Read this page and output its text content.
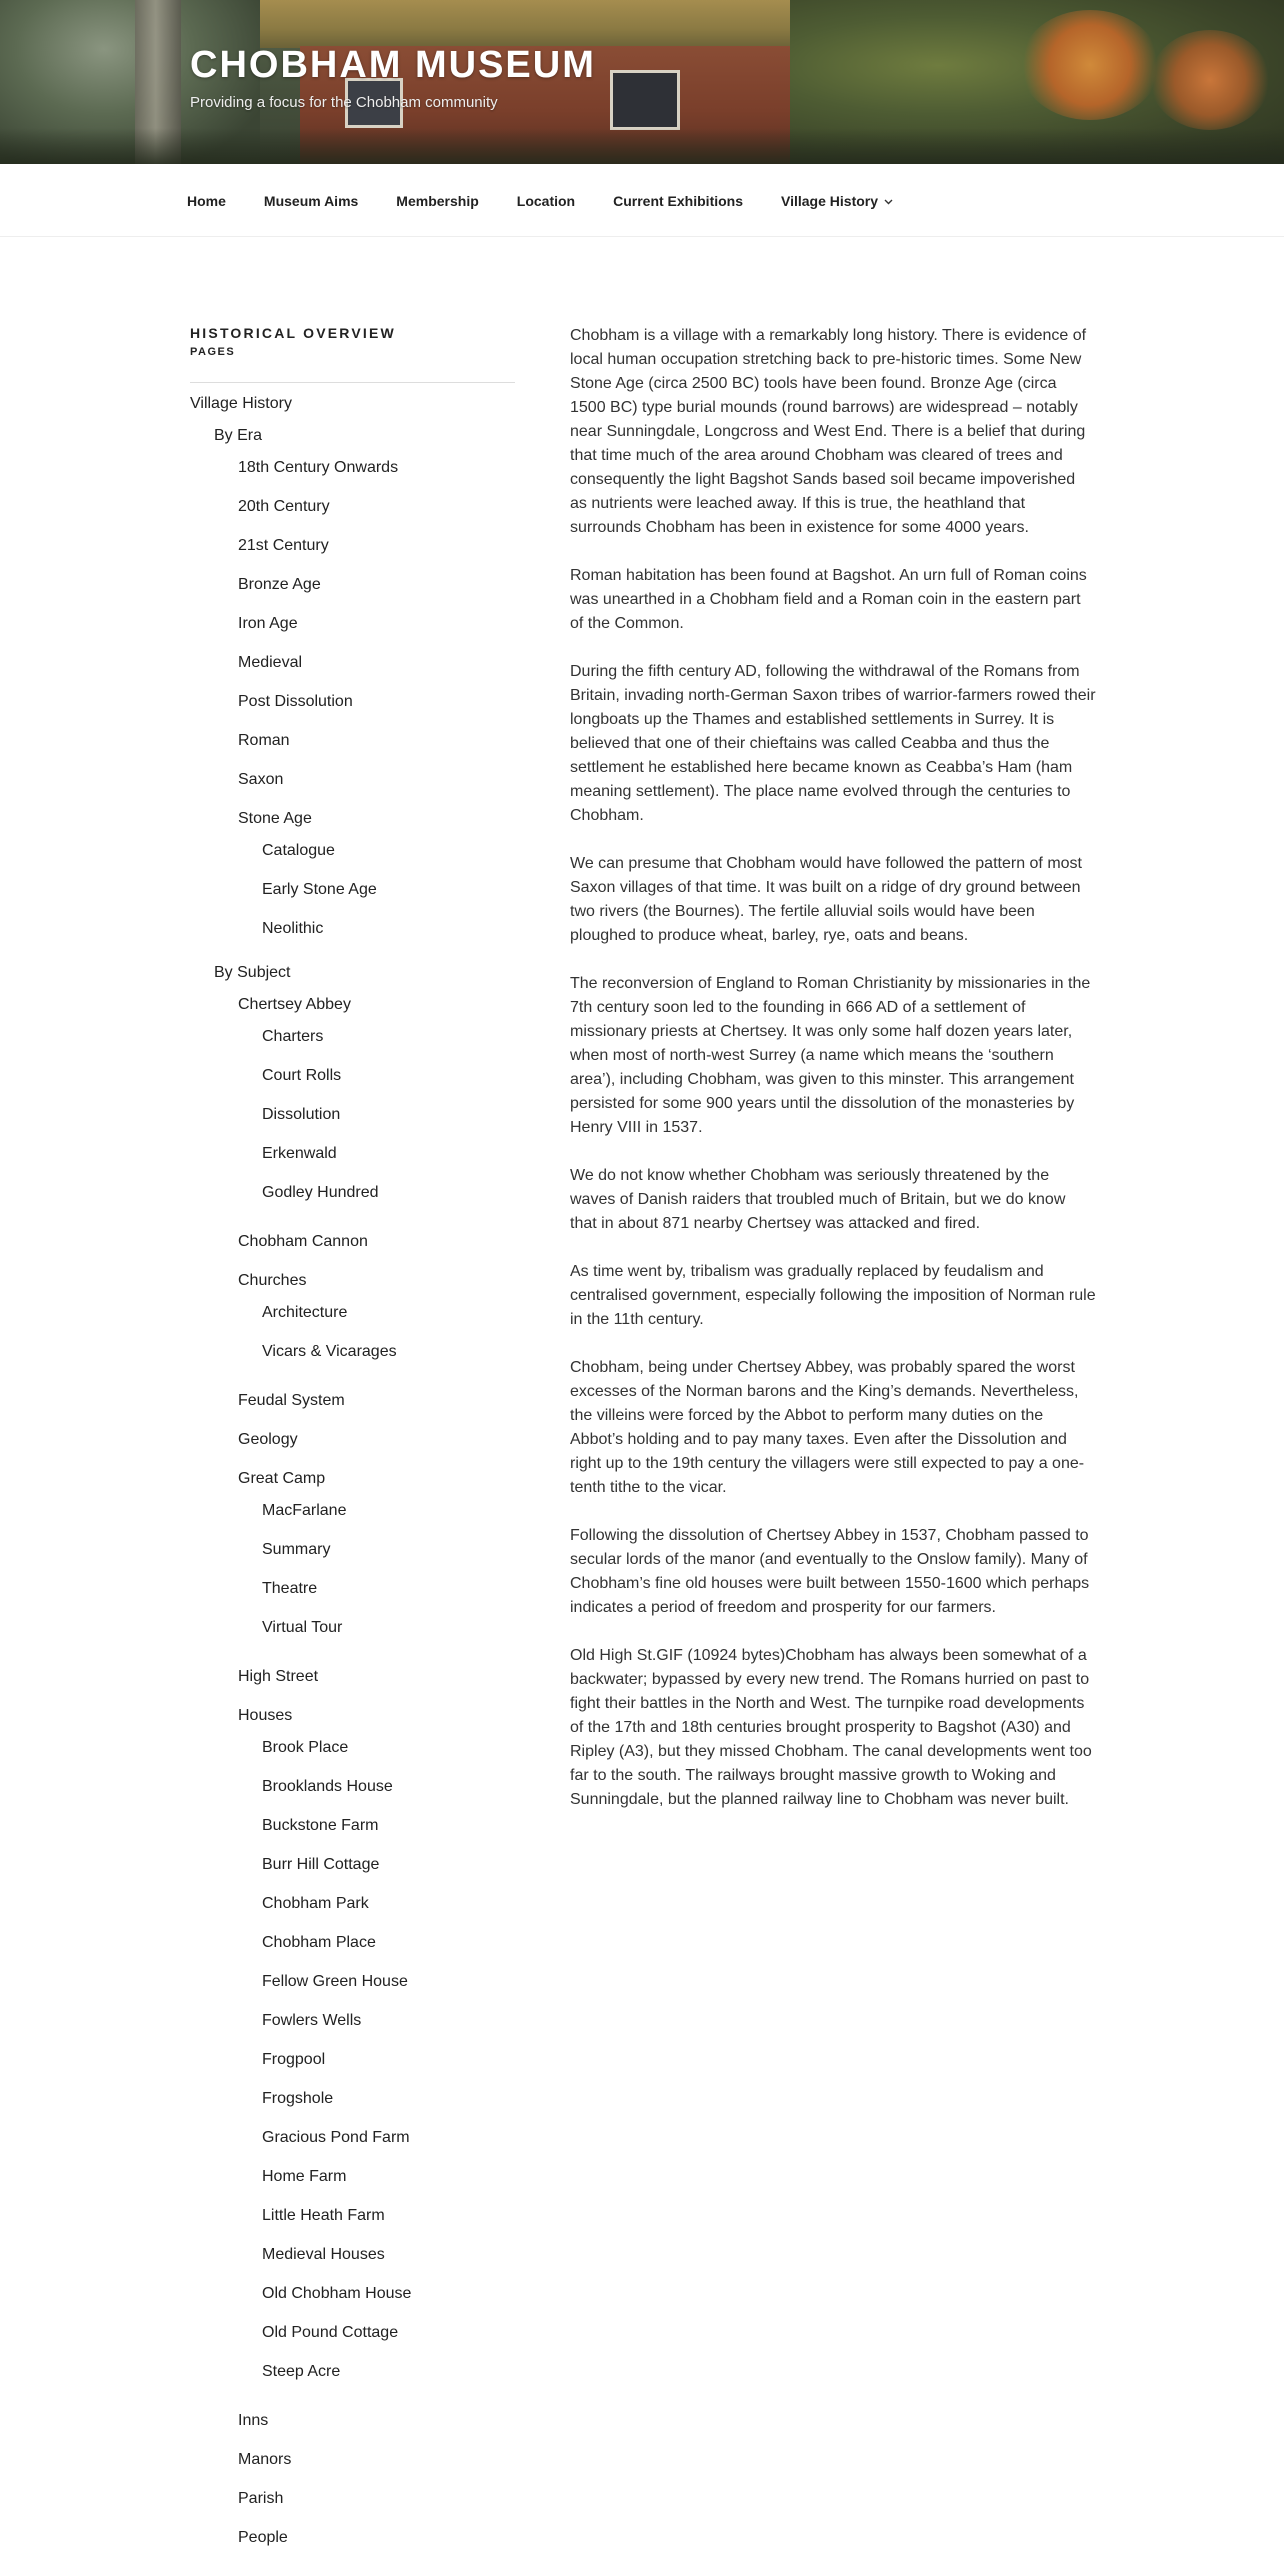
CHOBHAM MUSEUM
Providing a focus for the Chobham community
Home	Museum Aims	Membership	Location	Current Exhibitions	Village History
HISTORICAL OVERVIEW
PAGES
Village History
By Era
18th Century Onwards
20th Century
21st Century
Bronze Age
Iron Age
Medieval
Post Dissolution
Roman
Saxon
Stone Age
Catalogue
Early Stone Age
Neolithic
By Subject
Chertsey Abbey
Charters
Court Rolls
Dissolution
Erkenwald
Godley Hundred
Chobham Cannon
Churches
Architecture
Vicars & Vicarages
Feudal System
Geology
Great Camp
MacFarlane
Summary
Theatre
Virtual Tour
High Street
Houses
Brook Place
Brooklands House
Buckstone Farm
Burr Hill Cottage
Chobham Park
Chobham Place
Fellow Green House
Fowlers Wells
Frogpool
Frogshole
Gracious Pond Farm
Home Farm
Little Heath Farm
Medieval Houses
Old Chobham House
Old Pound Cottage
Steep Acre
Inns
Manors
Parish
People

Chobham is a village with a remarkably long history. There is evidence of local human occupation stretching back to pre-historic times. Some New Stone Age (circa 2500 BC) tools have been found. Bronze Age (circa 1500 BC) type burial mounds (round barrows) are widespread – notably near Sunningdale, Longcross and West End. There is a belief that during that time much of the area around Chobham was cleared of trees and consequently the light Bagshot Sands based soil became impoverished as nutrients were leached away. If this is true, the heathland that surrounds Chobham has been in existence for some 4000 years.

Roman habitation has been found at Bagshot. An urn full of Roman coins was unearthed in a Chobham field and a Roman coin in the eastern part of the Common.

During the fifth century AD, following the withdrawal of the Romans from Britain, invading north-German Saxon tribes of warrior-farmers rowed their longboats up the Thames and established settlements in Surrey. It is believed that one of their chieftains was called Ceabba and thus the settlement he established here became known as Ceabba’s Ham (ham meaning settlement). The place name evolved through the centuries to Chobham.

We can presume that Chobham would have followed the pattern of most Saxon villages of that time. It was built on a ridge of dry ground between two rivers (the Bournes). The fertile alluvial soils would have been ploughed to produce wheat, barley, rye, oats and beans.

The reconversion of England to Roman Christianity by missionaries in the 7th century soon led to the founding in 666 AD of a settlement of missionary priests at Chertsey. It was only some half dozen years later, when most of north-west Surrey (a name which means the ‘southern area’), including Chobham, was given to this minster. This arrangement persisted for some 900 years until the dissolution of the monasteries by Henry VIII in 1537.

We do not know whether Chobham was seriously threatened by the waves of Danish raiders that troubled much of Britain, but we do know that in about 871 nearby Chertsey was attacked and fired.

As time went by, tribalism was gradually replaced by feudalism and centralised government, especially following the imposition of Norman rule in the 11th century.

Chobham, being under Chertsey Abbey, was probably spared the worst excesses of the Norman barons and the King’s demands. Nevertheless, the villeins were forced by the Abbot to perform many duties on the Abbot’s holding and to pay many taxes. Even after the Dissolution and right up to the 19th century the villagers were still expected to pay a one-tenth tithe to the vicar.

Following the dissolution of Chertsey Abbey in 1537, Chobham passed to secular lords of the manor (and eventually to the Onslow family). Many of Chobham’s fine old houses were built between 1550-1600 which perhaps indicates a period of freedom and prosperity for our farmers.

Old High St.GIF (10924 bytes)Chobham has always been somewhat of a backwater; bypassed by every new trend. The Romans hurried on past to fight their battles in the North and West. The turnpike road developments of the 17th and 18th centuries brought prosperity to Bagshot (A30) and Ripley (A3), but they missed Chobham. The canal developments went too far to the south. The railways brought massive growth to Woking and Sunningdale, but the planned railway line to Chobham was never built.
